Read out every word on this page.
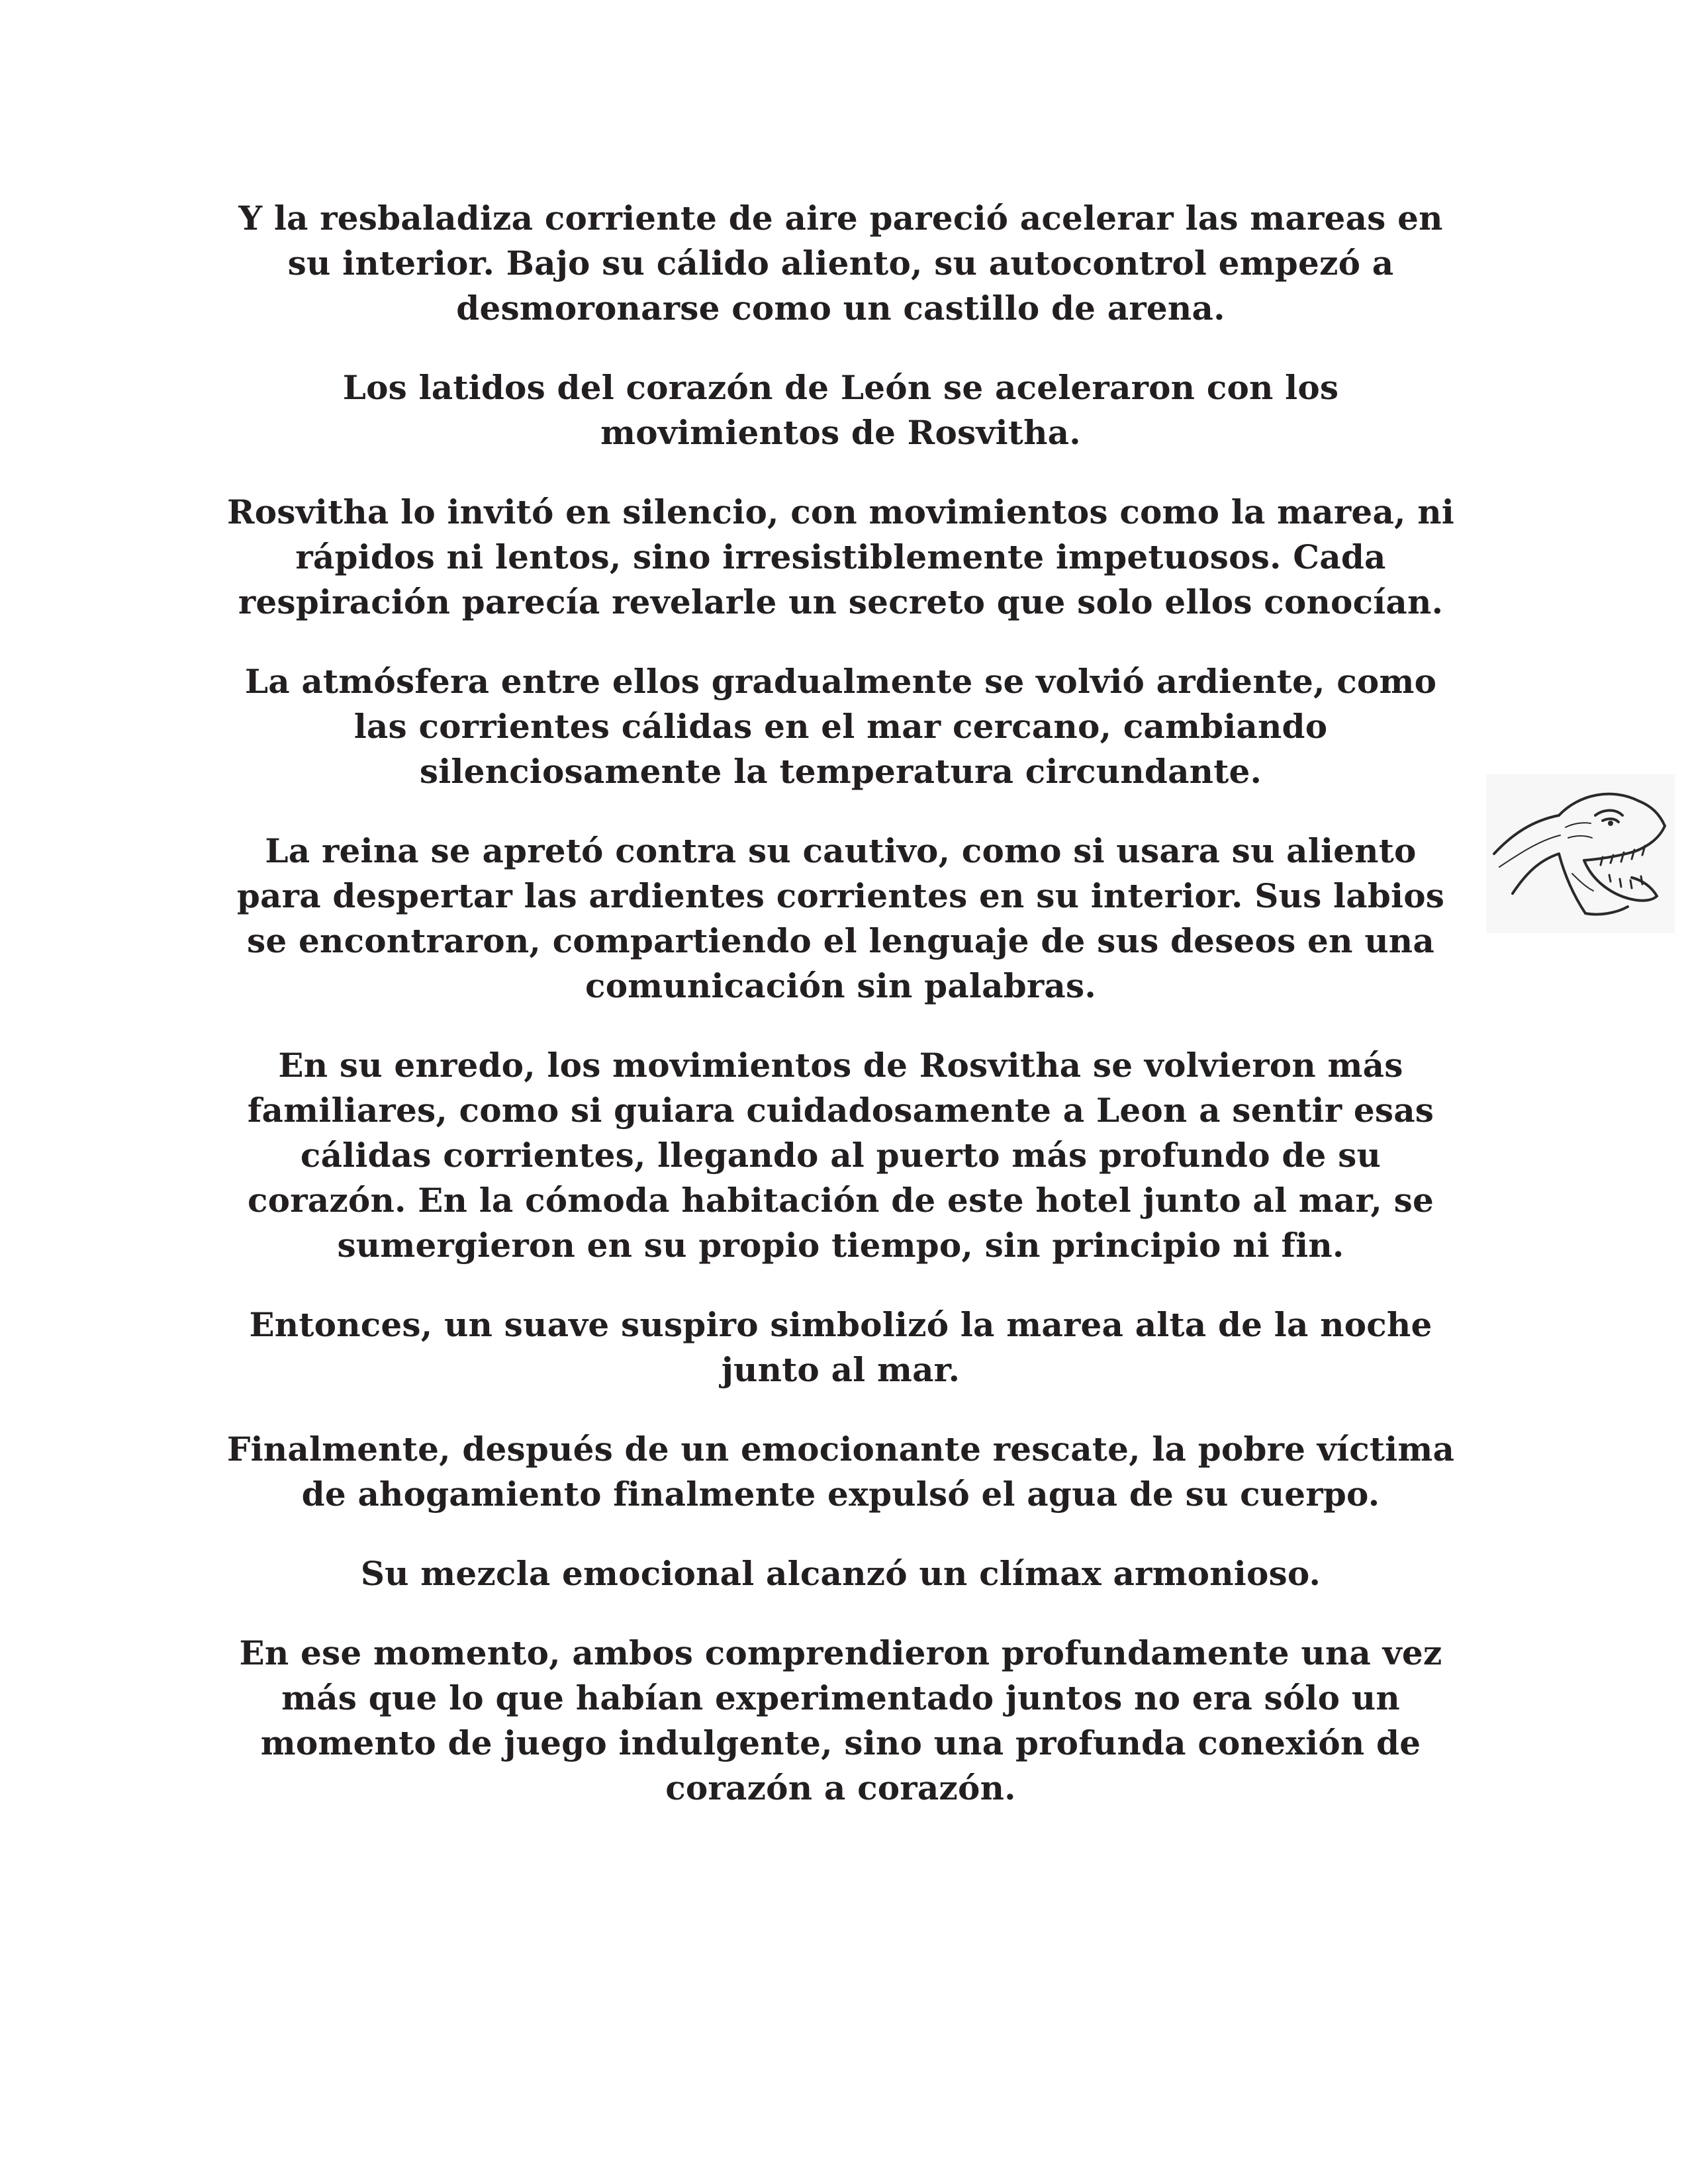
Y la resbaladiza corriente de aire pareció acelerar las mareas en su interior. Bajo su cálido aliento, su autocontrol empezó a desmoronarse como un castillo de arena.

Los latidos del corazón de León se aceleraron con los movimientos de Rosvitha.

Rosvitha lo invitó en silencio, con movimientos como la marea, ni rápidos ni lentos, sino irresistiblemente impetuosos. Cada respiración parecía revelarle un secreto que solo ellos conocían.

La atmósfera entre ellos gradualmente se volvió ardiente, como las corrientes cálidas en el mar cercano, cambiando silenciosamente la temperatura circundante.

La reina se apretó contra su cautivo, como si usara su aliento para despertar las ardientes corrientes en su interior. Sus labios se encontraron, compartiendo el lenguaje de sus deseos en una comunicación sin palabras.

En su enredo, los movimientos de Rosvitha se volvieron más familiares, como si guiara cuidadosamente a Leon a sentir esas cálidas corrientes, llegando al puerto más profundo de su corazón. En la cómoda habitación de este hotel junto al mar, se sumergieron en su propio tiempo, sin principio ni fin.

Entonces, un suave suspiro simbolizó la marea alta de la noche junto al mar.

Finalmente, después de un emocionante rescate, la pobre víctima de ahogamiento finalmente expulsó el agua de su cuerpo.

Su mezcla emocional alcanzó un clímax armonioso.

En ese momento, ambos comprendieron profundamente una vez más que lo que habían experimentado juntos no era sólo un momento de juego indulgente, sino una profunda conexión de corazón a corazón.
